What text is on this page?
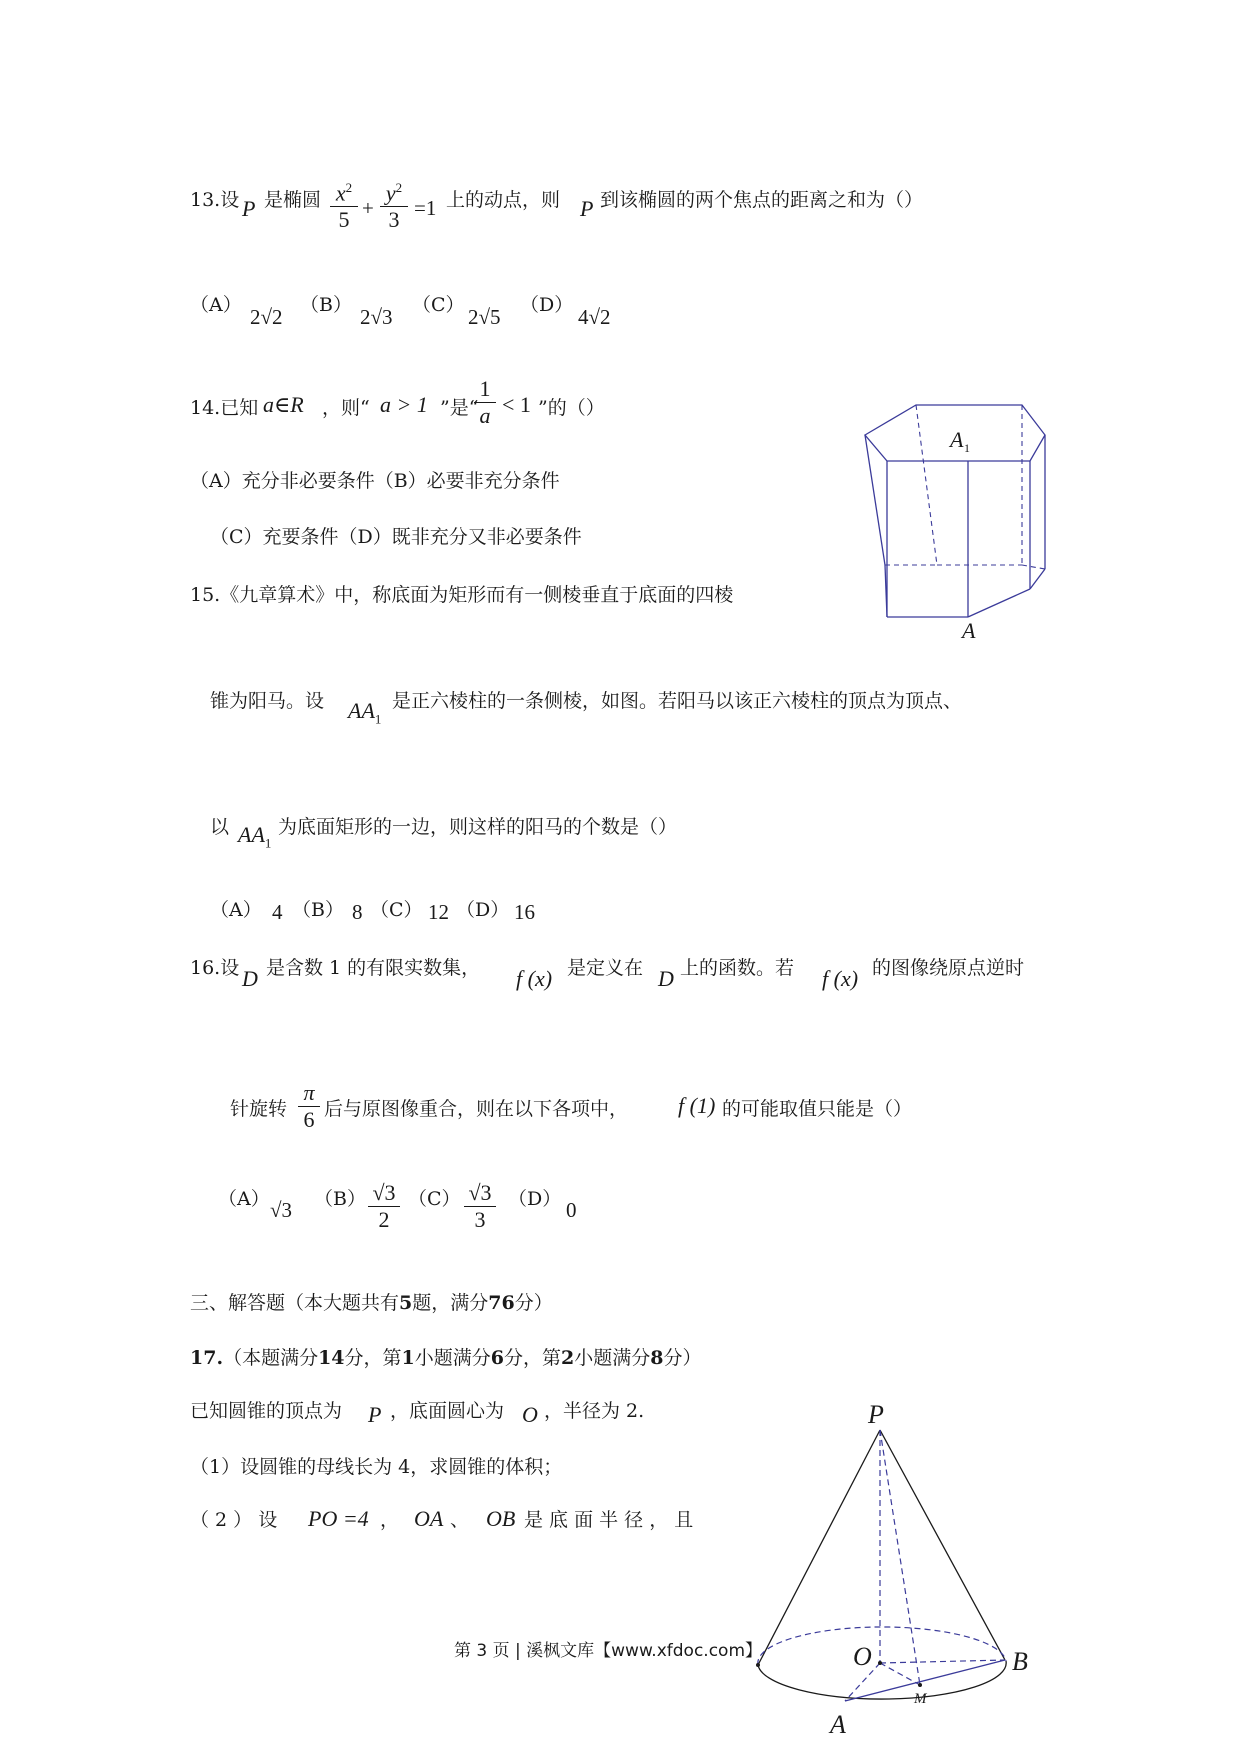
13.设 P 是椭圆 $\frac{x^2}{5} + \frac{y^2}{3} =1$ 上的动点，则 P 到该椭圆的两个焦点的距离之和为（）
（A） 2√2 （B） 2√3 （C） 2√5 （D） 4√2
14.已知 a∈R ，则“ a > 1 ”是“
$\frac{1}{a} < 1$ ”的（）
（A）充分非必要条件（B）必要非充分条件
（C）充要条件（D）既非充分又非必要条件
A 1
A
15.《九章算术》中，称底面为矩形而有一侧棱垂直于底面的四棱
锥为阳马。设 $AA_1$
是正六棱柱的一条侧棱，如图。若阳马以该正六棱柱的顶点为顶点、
以 $AA_1$
为底面矩形的一边，则这样的阳马的个数是（）
（A） 4 （B） 8 （C） 12 （D） 16
16.设 D 是含数 1 的有限实数集， f (x) 是定义在 D 上的函数。若 f (x) 的图像绕原点逆时
针旋转 $\frac{\pi}{6}$ 后与原图像重合，则在以下各项中， f (1) 的可能取值只能是（）
（A） √3 $(B) \frac{√3}{2} (C) \frac{√3}{3} (D)$ 0
三、解答题（本大题共有5题，满分76分）
17.（本题满分14分，第1小题满分6分，第2小题满分8分）
已知圆锥的顶点为 P ，底面圆心为 O ，半径为 2.
（1）设圆锥的母线长为 4，求圆锥的体积；
（ 2 ） 设 PO =4 ， OA 、 OB 是 底 面 半 径 ， 且
P
O	B
A
M
第 3 页 | 溪枫文库【www.xfdoc.com】
